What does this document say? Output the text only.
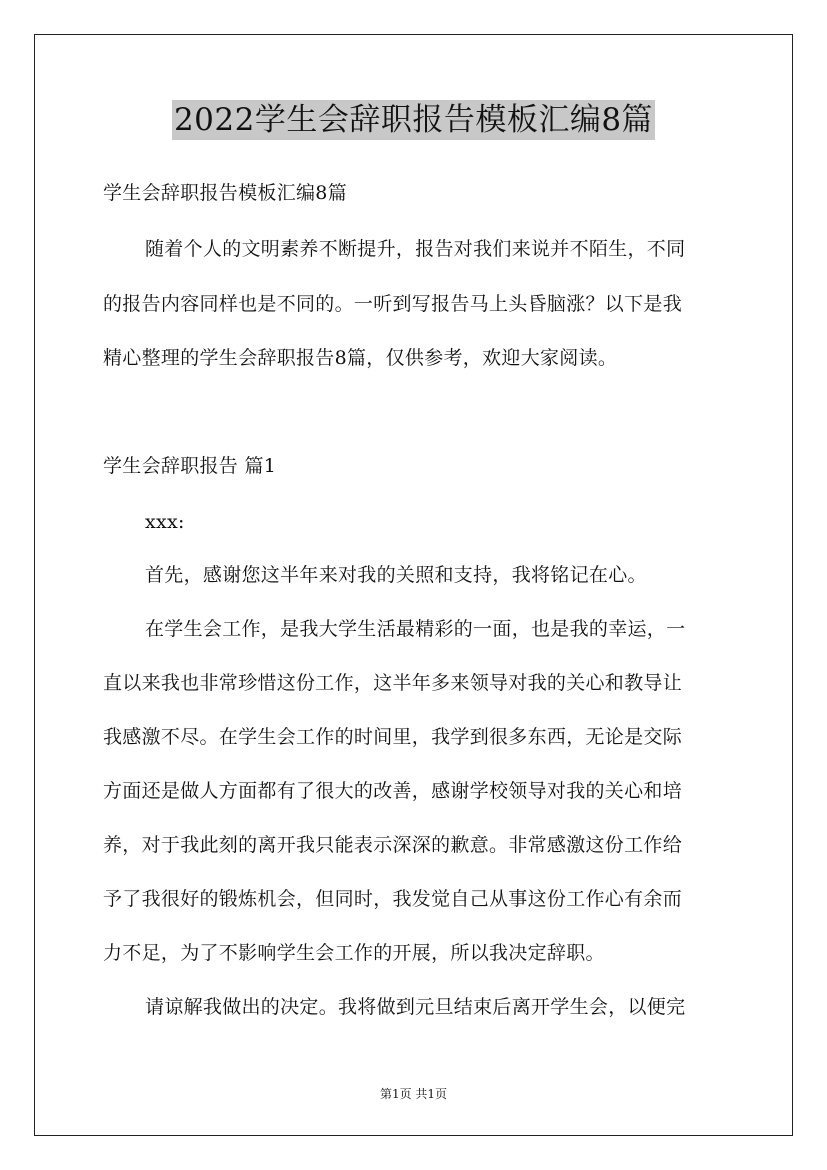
2022学生会辞职报告模板汇编8篇
学生会辞职报告模板汇编8篇
随着个人的文明素养不断提升，报告对我们来说并不陌生，不同
的报告内容同样也是不同的。一听到写报告马上头昏脑涨？以下是我
精心整理的学生会辞职报告8篇，仅供参考，欢迎大家阅读。
学生会辞职报告 篇1
xxx:
首先，感谢您这半年来对我的关照和支持，我将铭记在心。
在学生会工作，是我大学生活最精彩的一面，也是我的幸运，一
直以来我也非常珍惜这份工作，这半年多来领导对我的关心和教导让
我感激不尽。在学生会工作的时间里，我学到很多东西，无论是交际
方面还是做人方面都有了很大的改善，感谢学校领导对我的关心和培
养，对于我此刻的离开我只能表示深深的歉意。非常感激这份工作给
予了我很好的锻炼机会，但同时，我发觉自己从事这份工作心有余而
力不足，为了不影响学生会工作的开展，所以我决定辞职。
请谅解我做出的决定。我将做到元旦结束后离开学生会，以便完
第1页 共1页
